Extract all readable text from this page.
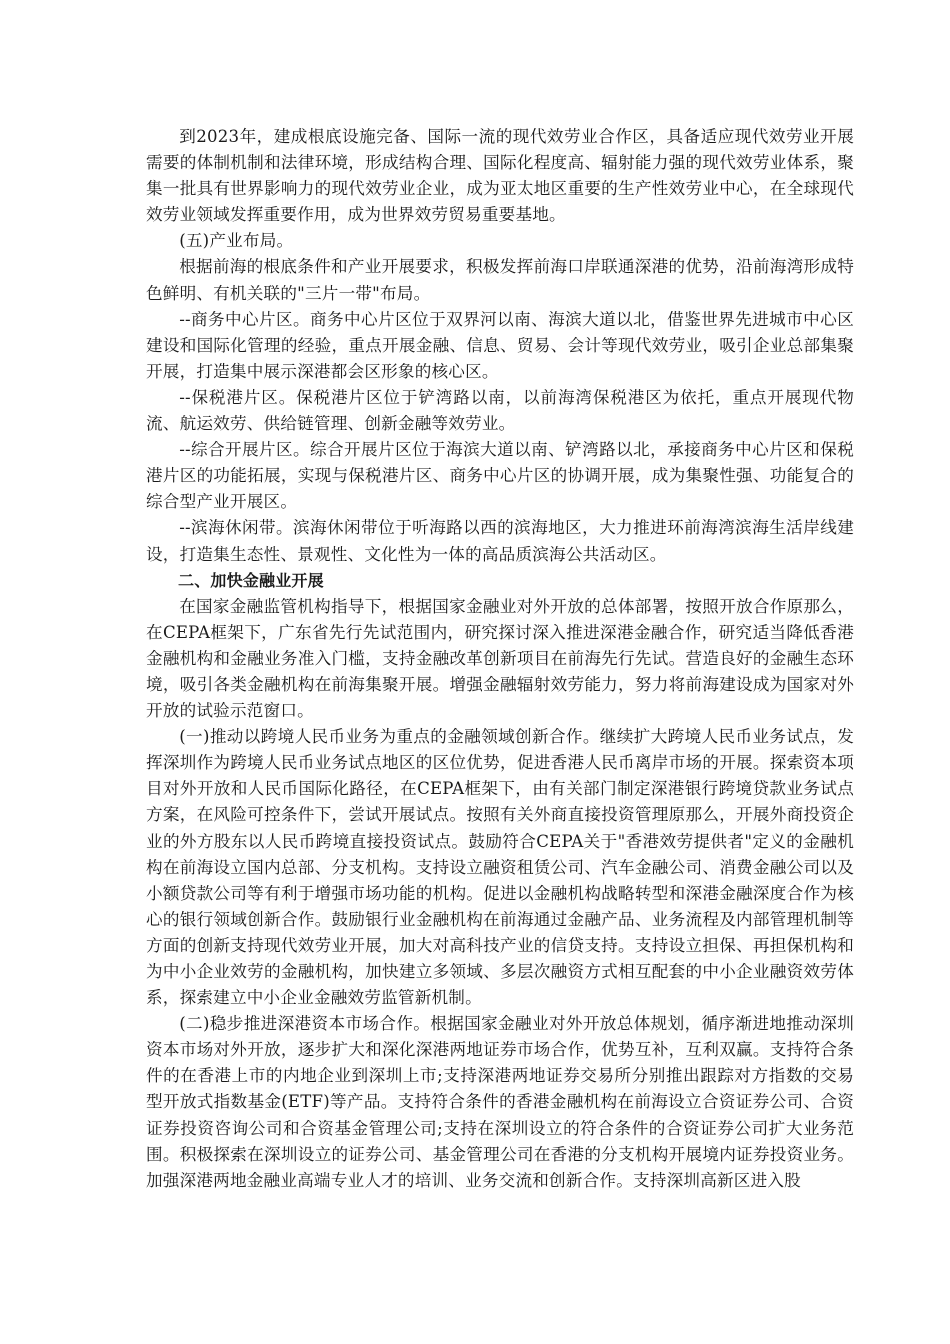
到2023年，建成根底设施完备、国际一流的现代效劳业合作区，具备适应现代效劳业开展需要的体制机制和法律环境，形成结构合理、国际化程度高、辐射能力强的现代效劳业体系，聚集一批具有世界影响力的现代效劳业企业，成为亚太地区重要的生产性效劳业中心，在全球现代效劳业领域发挥重要作用，成为世界效劳贸易重要基地。

(五)产业布局。

根据前海的根底条件和产业开展要求，积极发挥前海口岸联通深港的优势，沿前海湾形成特色鲜明、有机关联的"三片一带"布局。

--商务中心片区。商务中心片区位于双界河以南、海滨大道以北，借鉴世界先进城市中心区建设和国际化管理的经验，重点开展金融、信息、贸易、会计等现代效劳业，吸引企业总部集聚开展，打造集中展示深港都会区形象的核心区。

--保税港片区。保税港片区位于铲湾路以南，以前海湾保税港区为依托，重点开展现代物流、航运效劳、供给链管理、创新金融等效劳业。

--综合开展片区。综合开展片区位于海滨大道以南、铲湾路以北，承接商务中心片区和保税港片区的功能拓展，实现与保税港片区、商务中心片区的协调开展，成为集聚性强、功能复合的综合型产业开展区。

--滨海休闲带。滨海休闲带位于听海路以西的滨海地区，大力推进环前海湾滨海生活岸线建设，打造集生态性、景观性、文化性为一体的高品质滨海公共活动区。

二、加快金融业开展

在国家金融监管机构指导下，根据国家金融业对外开放的总体部署，按照开放合作原那么，在CEPA框架下，广东省先行先试范围内，研究探讨深入推进深港金融合作，研究适当降低香港金融机构和金融业务准入门槛，支持金融改革创新项目在前海先行先试。营造良好的金融生态环境，吸引各类金融机构在前海集聚开展。增强金融辐射效劳能力，努力将前海建设成为国家对外开放的试验示范窗口。

(一)推动以跨境人民币业务为重点的金融领域创新合作。继续扩大跨境人民币业务试点，发挥深圳作为跨境人民币业务试点地区的区位优势，促进香港人民币离岸市场的开展。探索资本项目对外开放和人民币国际化路径，在CEPA框架下，由有关部门制定深港银行跨境贷款业务试点方案，在风险可控条件下，尝试开展试点。按照有关外商直接投资管理原那么，开展外商投资企业的外方股东以人民币跨境直接投资试点。鼓励符合CEPA关于"香港效劳提供者"定义的金融机构在前海设立国内总部、分支机构。支持设立融资租赁公司、汽车金融公司、消费金融公司以及小额贷款公司等有利于增强市场功能的机构。促进以金融机构战略转型和深港金融深度合作为核心的银行领域创新合作。鼓励银行业金融机构在前海通过金融产品、业务流程及内部管理机制等方面的创新支持现代效劳业开展，加大对高科技产业的信贷支持。支持设立担保、再担保机构和为中小企业效劳的金融机构，加快建立多领域、多层次融资方式相互配套的中小企业融资效劳体系，探索建立中小企业金融效劳监管新机制。

(二)稳步推进深港资本市场合作。根据国家金融业对外开放总体规划，循序渐进地推动深圳资本市场对外开放，逐步扩大和深化深港两地证券市场合作，优势互补，互利双赢。支持符合条件的在香港上市的内地企业到深圳上市;支持深港两地证券交易所分别推出跟踪对方指数的交易型开放式指数基金(ETF)等产品。支持符合条件的香港金融机构在前海设立合资证券公司、合资证券投资咨询公司和合资基金管理公司;支持在深圳设立的符合条件的合资证券公司扩大业务范围。积极探索在深圳设立的证券公司、基金管理公司在香港的分支机构开展境内证券投资业务。加强深港两地金融业高端专业人才的培训、业务交流和创新合作。支持深圳高新区进入股
